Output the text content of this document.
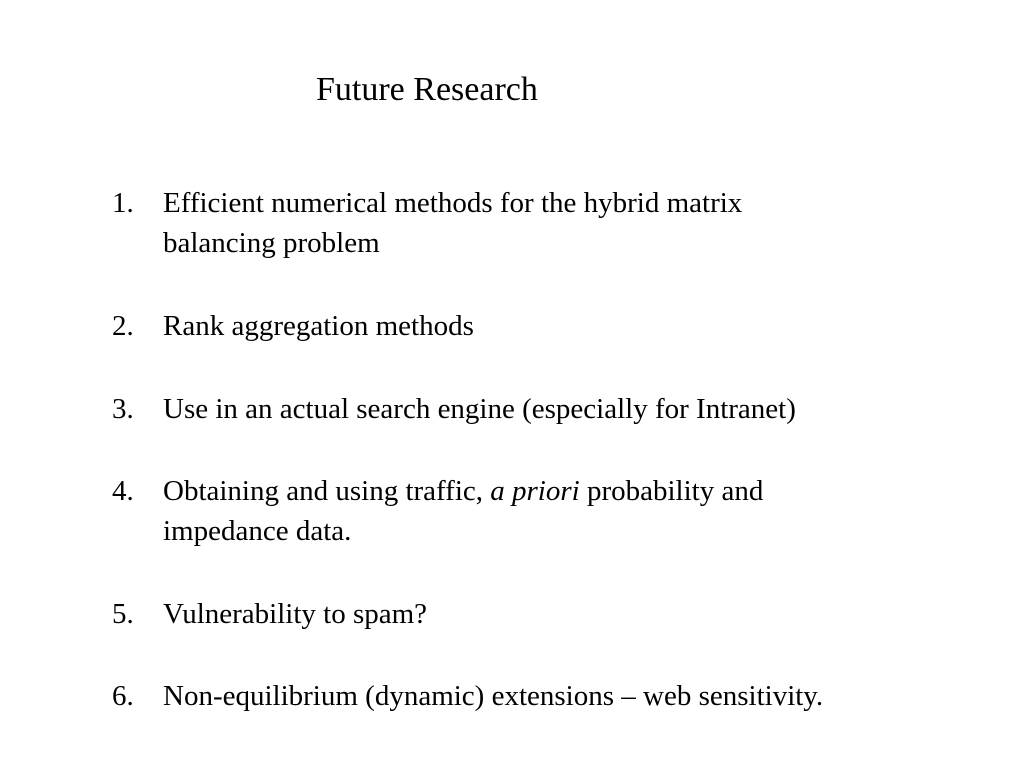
Future Research
1.	Efficient numerical methods for the hybrid matrix
balancing problem
2.	Rank aggregation methods
3.	Use in an actual search engine (especially for Intranet)
4.	Obtaining and using traffic, a priori probability and
impedance data.
5.	Vulnerability to spam?
6.	Non-equilibrium (dynamic) extensions – web sensitivity.
